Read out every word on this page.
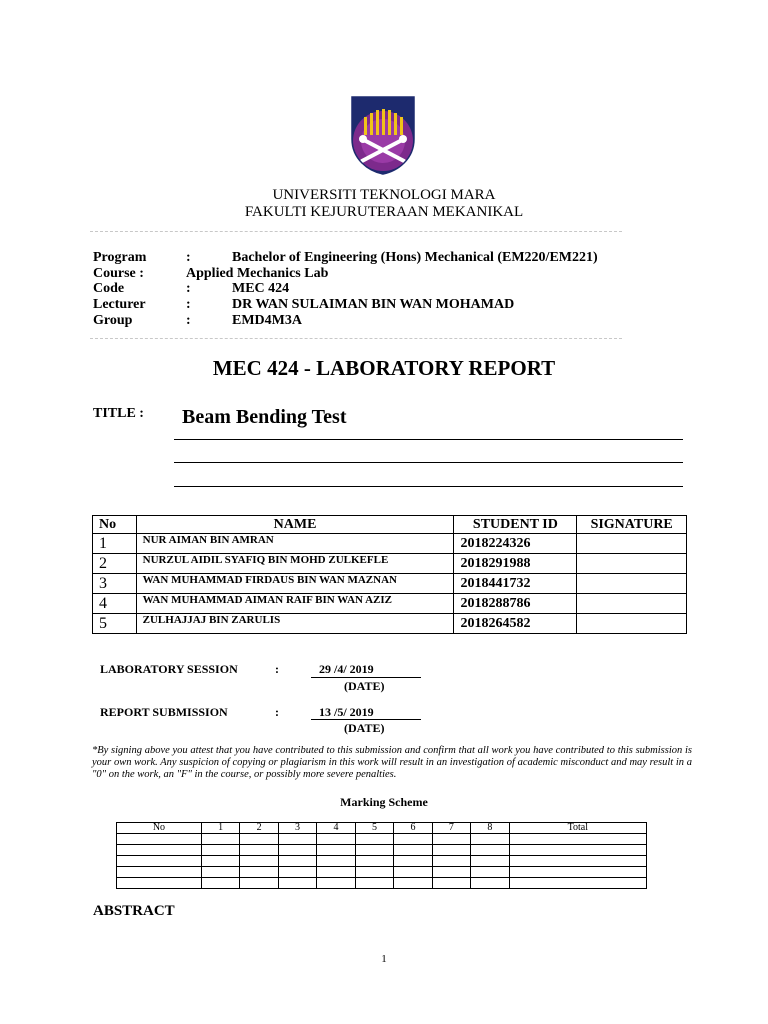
UNIVERSITI TEKNOLOGI MARA
FAKULTI KEJURUTERAAN MEKANIKAL
Program	:	Bachelor of Engineering (Hons) Mechanical (EM220/EM221)
Course :	Applied Mechanics Lab
Code	:	MEC 424
Lecturer	:	DR WAN SULAIMAN BIN WAN MOHAMAD
Group	:	EMD4M3A
MEC 424 - LABORATORY REPORT
TITLE :	Beam Bending Test
No	NAME	STUDENT ID	SIGNATURE
1	NUR AIMAN BIN AMRAN	2018224326	
2	NURZUL AIDIL SYAFIQ BIN MOHD ZULKEFLE	2018291988	
3	WAN MUHAMMAD FIRDAUS BIN WAN MAZNAN	2018441732	
4	WAN MUHAMMAD AIMAN RAIF BIN WAN AZIZ	2018288786	
5	ZULHAJJAJ BIN ZARULIS	2018264582	
LABORATORY SESSION	:	29 /4/ 2019
(DATE)
REPORT SUBMISSION	:	13 /5/ 2019
(DATE)
*By signing above you attest that you have contributed to this submission and confirm that all work you have contributed to this submission is your own work. Any suspicion of copying or plagiarism in this work will result in an investigation of academic misconduct and may result in a "0" on the work, an "F" in the course, or possibly more severe penalties.
Marking Scheme
No	1	2	3	4	5	6	7	8	Total

ABSTRACT
1
